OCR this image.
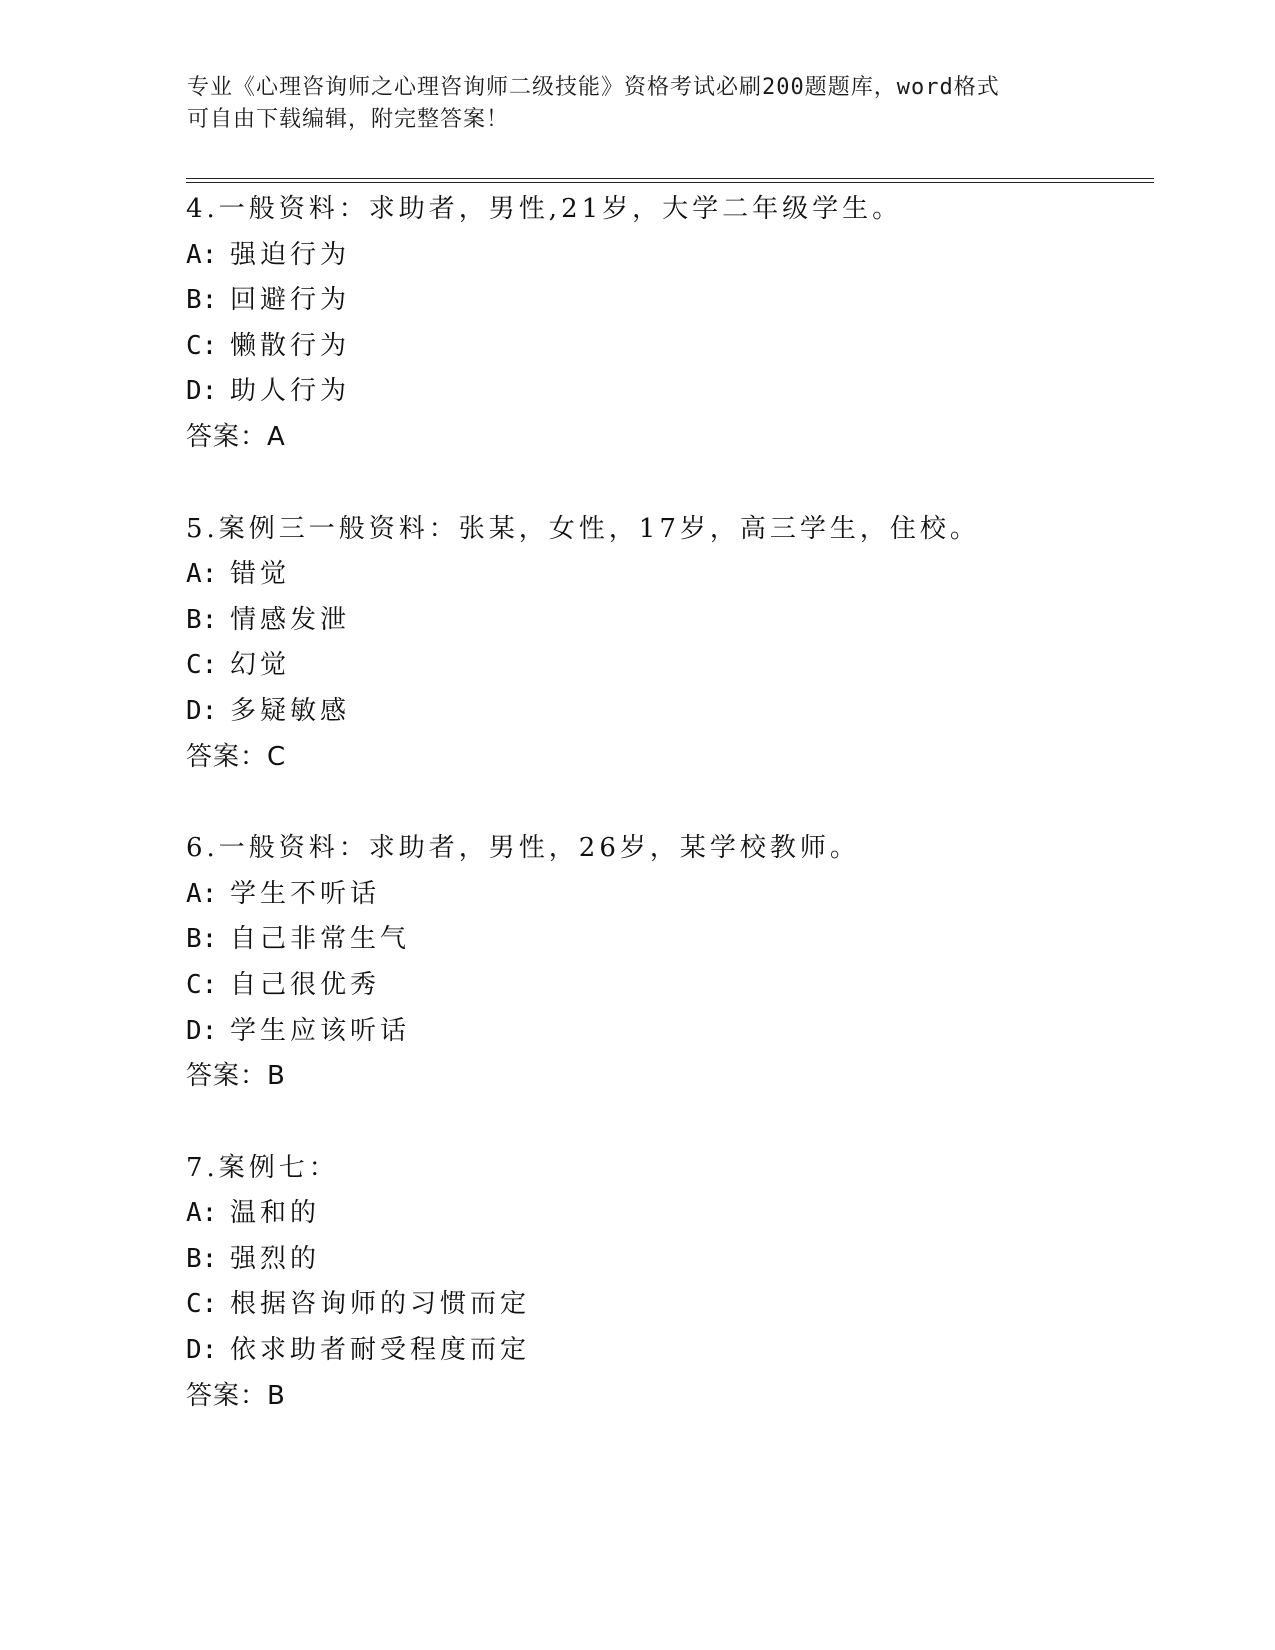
专业《心理咨询师之心理咨询师二级技能》资格考试必刷200题题库，word格式
可自由下载编辑，附完整答案！
4.一般资料：求助者，男性,21岁，大学二年级学生。
A: 强迫行为
B: 回避行为
C: 懒散行为
D: 助人行为
答案：A
5.案例三一般资料：张某，女性，17岁，高三学生，住校。
A: 错觉
B: 情感发泄
C: 幻觉
D: 多疑敏感
答案：C
6.一般资料：求助者，男性，26岁，某学校教师。
A: 学生不听话
B: 自己非常生气
C: 自己很优秀
D: 学生应该听话
答案：B
7.案例七：
A: 温和的
B: 强烈的
C: 根据咨询师的习惯而定
D: 依求助者耐受程度而定
答案：B
